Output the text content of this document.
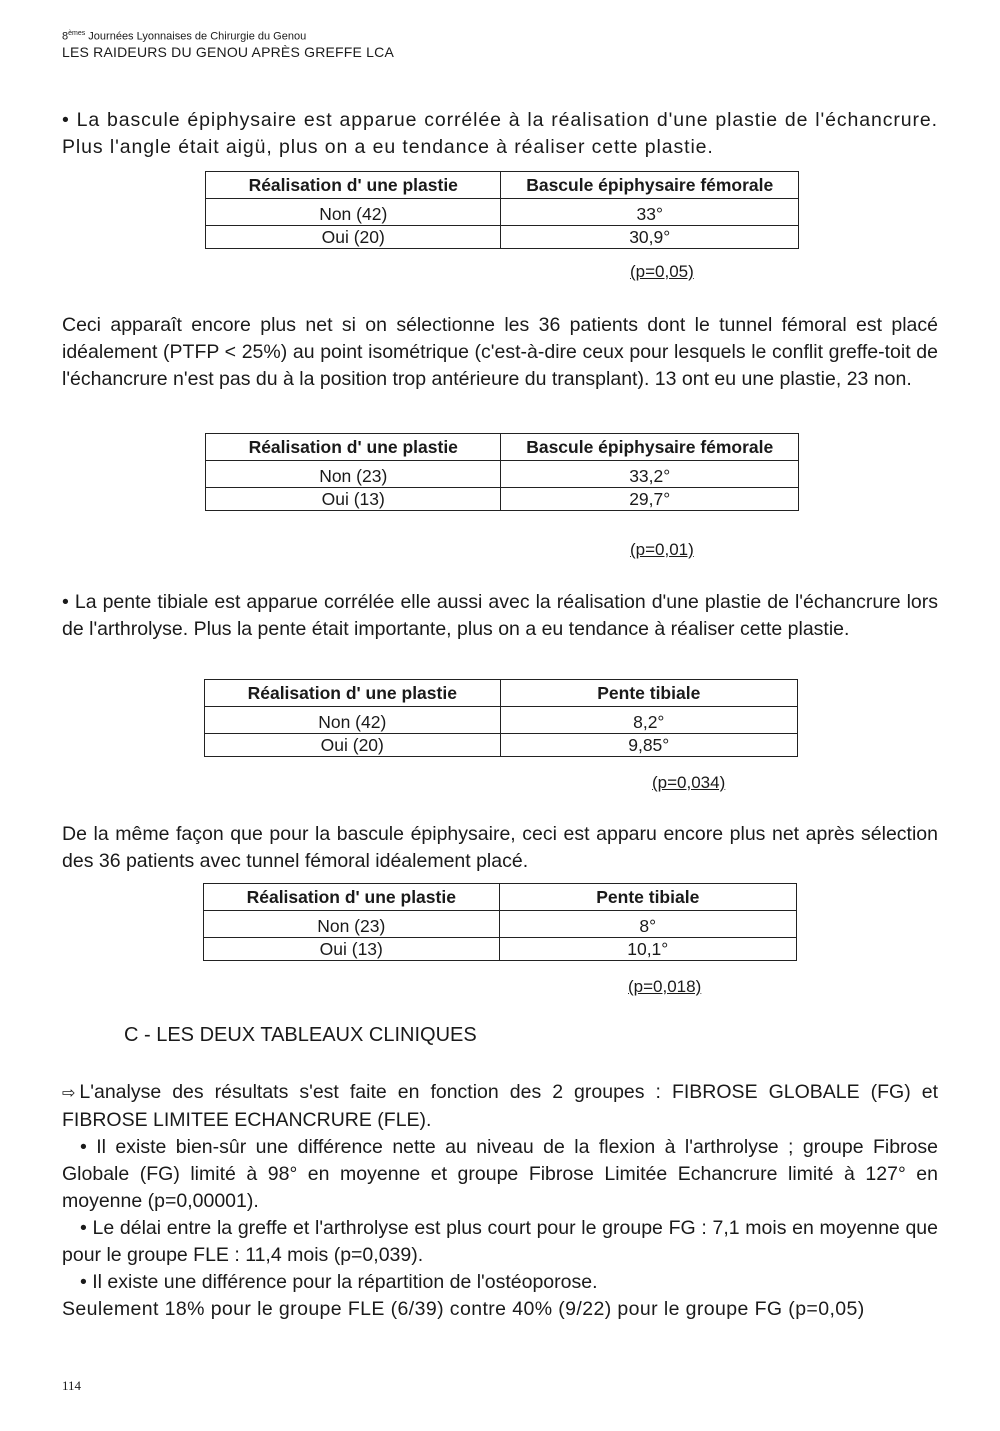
8èmes Journées Lyonnaises de Chirurgie du Genou
LES RAIDEURS DU GENOU APRÈS GREFFE LCA

• La bascule épiphysaire est apparue corrélée à la réalisation d'une plastie de l'échancrure. Plus l'angle était aigü, plus on a eu tendance à réaliser cette plastie.

Réalisation d' une plastie	Bascule épiphysaire fémorale
Non (42)	33°
Oui (20)	30,9°
(p=0,05)

Ceci apparaît encore plus net si on sélectionne les 36 patients dont le tunnel fémoral est placé idéalement (PTFP < 25%) au point isométrique (c'est-à-dire ceux pour lesquels le conflit greffe-toit de l'échancrure n'est pas du à la position trop antérieure du transplant). 13 ont eu une plastie, 23 non.

Réalisation d' une plastie	Bascule épiphysaire fémorale
Non (23)	33,2°
Oui (13)	29,7°
(p=0,01)

• La pente tibiale est apparue corrélée elle aussi avec la réalisation d'une plastie de l'échancrure lors de l'arthrolyse. Plus la pente était importante, plus on a eu tendance à réaliser cette plastie.

Réalisation d' une plastie	Pente tibiale
Non (42)	8,2°
Oui (20)	9,85°
(p=0,034)

De la même façon que pour la bascule épiphysaire, ceci est apparu encore plus net après sélection des 36 patients avec tunnel fémoral idéalement placé.

Réalisation d' une plastie	Pente tibiale
Non (23)	8°
Oui (13)	10,1°
(p=0,018)
C - LES DEUX TABLEAUX CLINIQUES

⇨ L'analyse des résultats s'est faite en fonction des 2 groupes : FIBROSE GLOBALE (FG) et FIBROSE LIMITEE ECHANCRURE (FLE).

• Il existe bien-sûr une différence nette au niveau de la flexion à l'arthrolyse ; groupe Fibrose Globale (FG) limité à 98° en moyenne et groupe Fibrose Limitée Echancrure limité à 127° en moyenne (p=0,00001).

• Le délai entre la greffe et l'arthrolyse est plus court pour le groupe FG : 7,1 mois en moyenne que pour le groupe FLE : 11,4 mois (p=0,039).

• Il existe une différence pour la répartition de l'ostéoporose.

Seulement 18% pour le groupe FLE (6/39) contre 40% (9/22) pour le groupe FG (p=0,05)

114
